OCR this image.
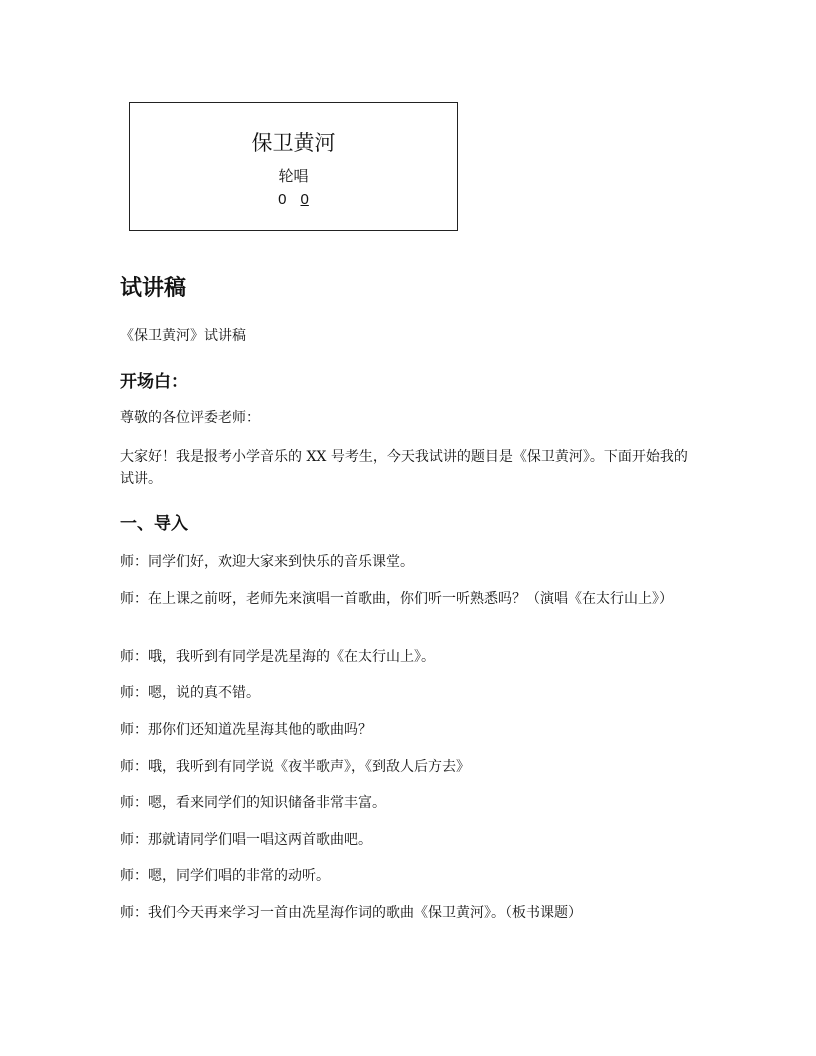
保卫黄河
轮唱
0 0
试讲稿
《保卫黄河》试讲稿
开场白：
尊敬的各位评委老师：
大家好！我是报考小学音乐的 XX 号考生，今天我试讲的题目是《保卫黄河》。下面开始我的试讲。
一、导入
师：同学们好，欢迎大家来到快乐的音乐课堂。
师：在上课之前呀，老师先来演唱一首歌曲，你们听一听熟悉吗？（演唱《在太行山上》）
师：哦，我听到有同学是冼星海的《在太行山上》。
师：嗯，说的真不错。
师：那你们还知道冼星海其他的歌曲吗？
师：哦，我听到有同学说《夜半歌声》，《到敌人后方去》
师：嗯，看来同学们的知识储备非常丰富。
师：那就请同学们唱一唱这两首歌曲吧。
师：嗯，同学们唱的非常的动听。
师：我们今天再来学习一首由冼星海作词的歌曲《保卫黄河》。（板书课题）
